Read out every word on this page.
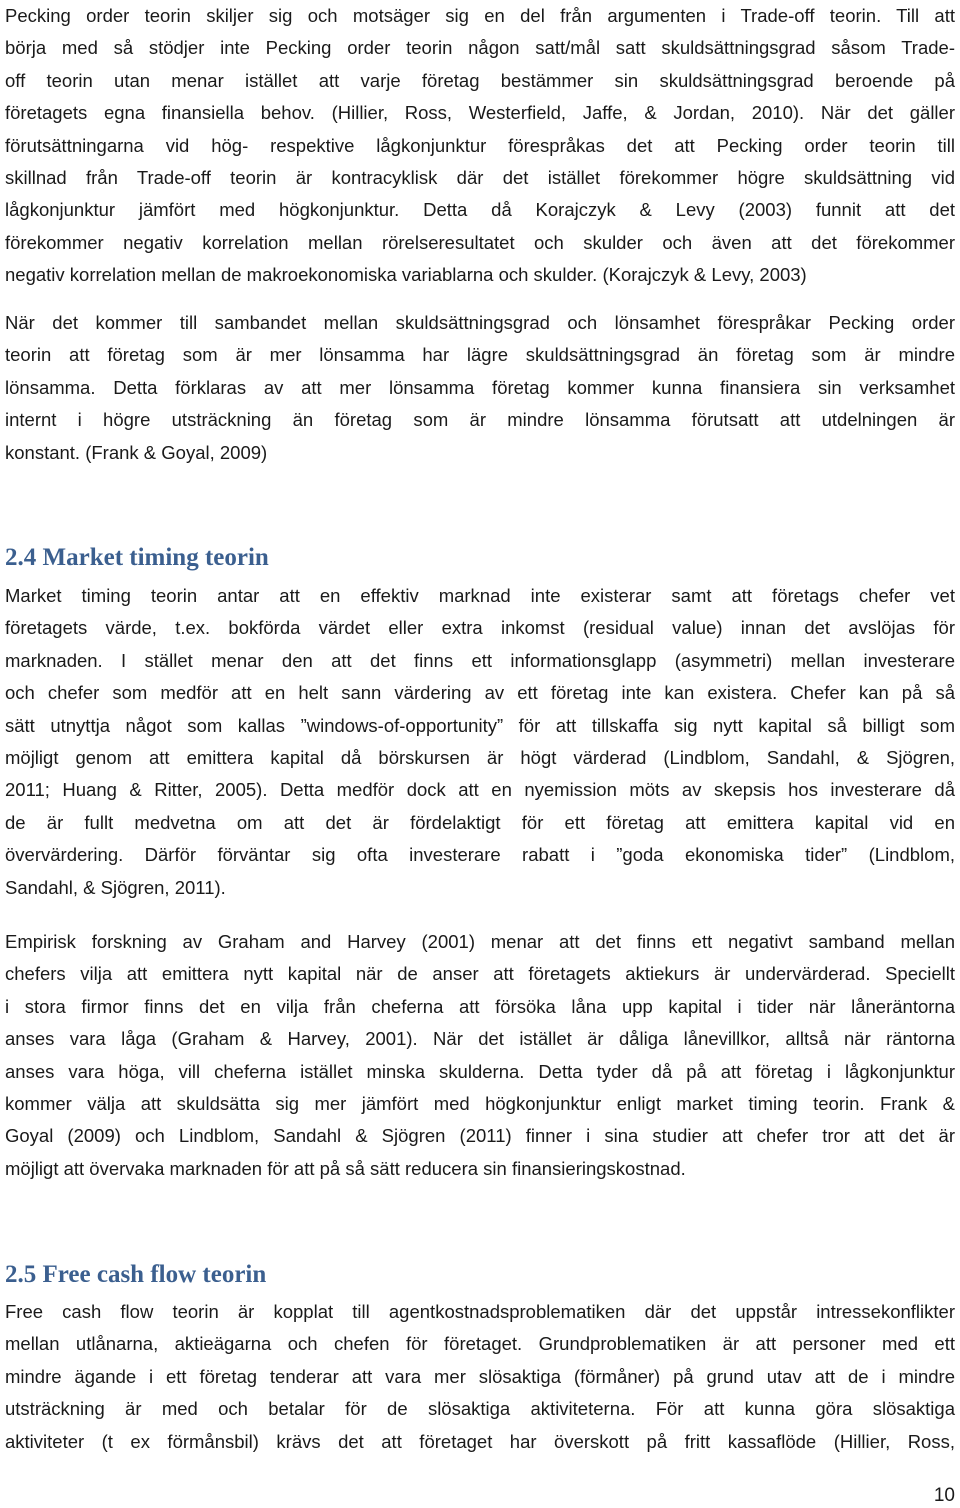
Pecking order teorin skiljer sig och motsäger sig en del från argumenten i Trade-off teorin. Till att
börja med så stödjer inte Pecking order teorin någon satt/mål satt skuldsättningsgrad såsom Trade-
off teorin utan menar istället att varje företag bestämmer sin skuldsättningsgrad beroende på
företagets egna finansiella behov. (Hillier, Ross, Westerfield, Jaffe, & Jordan, 2010). När det gäller
förutsättningarna vid hög- respektive lågkonjunktur förespråkas det att Pecking order teorin till
skillnad från Trade-off teorin är kontracyklisk där det istället förekommer högre skuldsättning vid
lågkonjunktur jämfört med högkonjunktur. Detta då Korajczyk & Levy (2003) funnit att det
förekommer negativ korrelation mellan rörelseresultatet och skulder och även att det förekommer
negativ korrelation mellan de makroekonomiska variablarna och skulder. (Korajczyk & Levy, 2003)
När det kommer till sambandet mellan skuldsättningsgrad och lönsamhet förespråkar Pecking order
teorin att företag som är mer lönsamma har lägre skuldsättningsgrad än företag som är mindre
lönsamma. Detta förklaras av att mer lönsamma företag kommer kunna finansiera sin verksamhet
internt i högre utsträckning än företag som är mindre lönsamma förutsatt att utdelningen är
konstant. (Frank & Goyal, 2009)
2.4 Market timing teorin
Market timing teorin antar att en effektiv marknad inte existerar samt att företags chefer vet
företagets värde, t.ex. bokförda värdet eller extra inkomst (residual value) innan det avslöjas för
marknaden. I stället menar den att det finns ett informationsglapp (asymmetri) mellan investerare
och chefer som medför att en helt sann värdering av ett företag inte kan existera. Chefer kan på så
sätt utnyttja något som kallas ”windows-of-opportunity” för att tillskaffa sig nytt kapital så billigt som
möjligt genom att emittera kapital då börskursen är högt värderad (Lindblom, Sandahl, & Sjögren,
2011; Huang & Ritter, 2005). Detta medför dock att en nyemission möts av skepsis hos investerare då
de är fullt medvetna om att det är fördelaktigt för ett företag att emittera kapital vid en
övervärdering. Därför förväntar sig ofta investerare rabatt i ”goda ekonomiska tider” (Lindblom,
Sandahl, & Sjögren, 2011).
Empirisk forskning av Graham and Harvey (2001) menar att det finns ett negativt samband mellan
chefers vilja att emittera nytt kapital när de anser att företagets aktiekurs är undervärderad. Speciellt
i stora firmor finns det en vilja från cheferna att försöka låna upp kapital i tider när låneräntorna
anses vara låga (Graham & Harvey, 2001). När det istället är dåliga lånevillkor, alltså när räntorna
anses vara höga, vill cheferna istället minska skulderna. Detta tyder då på att företag i lågkonjunktur
kommer välja att skuldsätta sig mer jämfört med högkonjunktur enligt market timing teorin. Frank &
Goyal (2009) och Lindblom, Sandahl & Sjögren (2011) finner i sina studier att chefer tror att det är
möjligt att övervaka marknaden för att på så sätt reducera sin finansieringskostnad.
2.5 Free cash flow teorin
Free cash flow teorin är kopplat till agentkostnadsproblematiken där det uppstår intressekonflikter
mellan utlånarna, aktieägarna och chefen för företaget. Grundproblematiken är att personer med ett
mindre ägande i ett företag tenderar att vara mer slösaktiga (förmåner) på grund utav att de i mindre
utsträckning är med och betalar för de slösaktiga aktiviteterna. För att kunna göra slösaktiga
aktiviteter (t ex förmånsbil) krävs det att företaget har överskott på fritt kassaflöde (Hillier, Ross,
10
